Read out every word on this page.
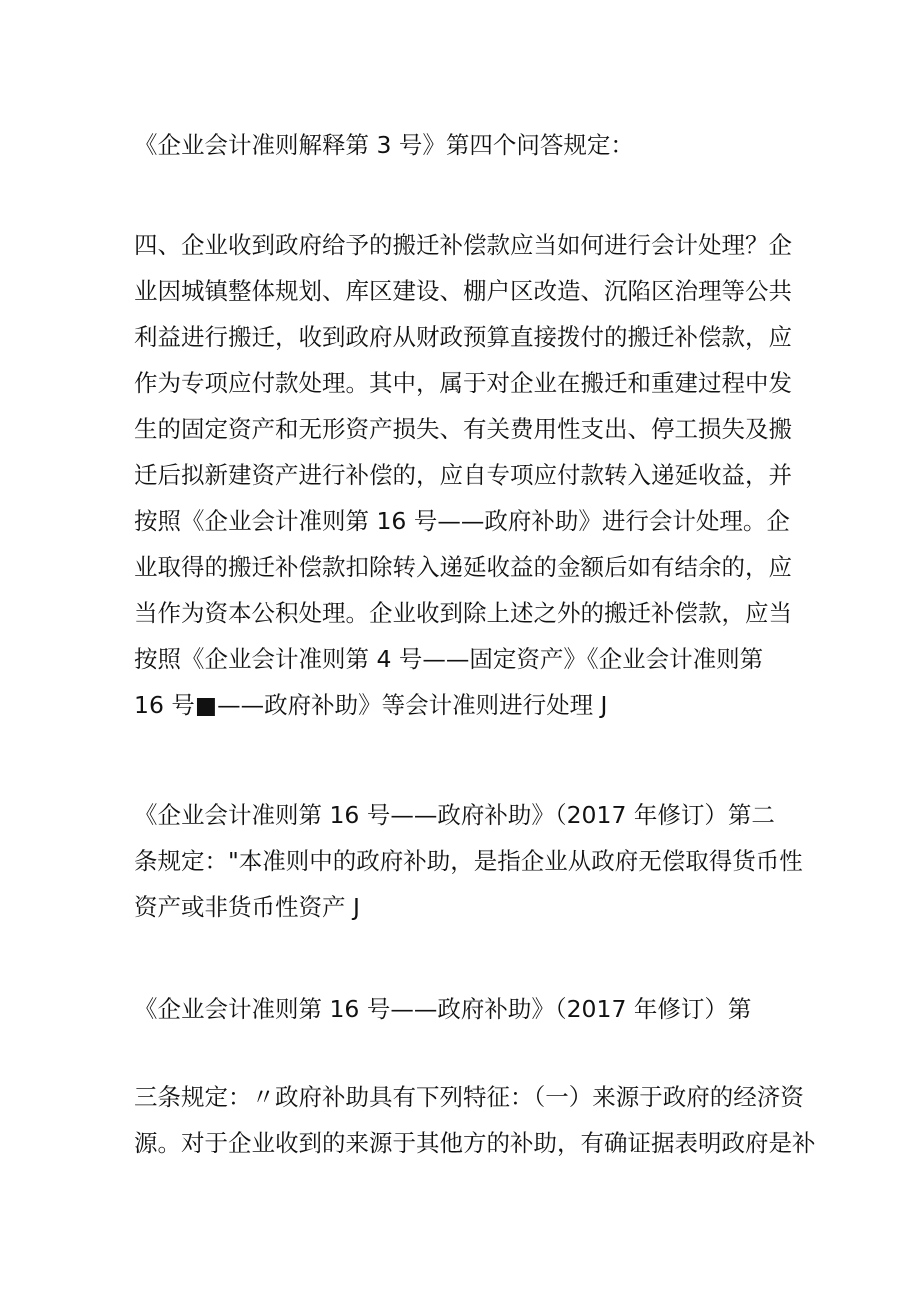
《企业会计准则解释第 3 号》第四个问答规定：

四、企业收到政府给予的搬迁补偿款应当如何进行会计处理？企
业因城镇整体规划、库区建设、棚户区改造、沉陷区治理等公共
利益进行搬迁，收到政府从财政预算直接拨付的搬迁补偿款，应
作为专项应付款处理。其中，属于对企业在搬迁和重建过程中发
生的固定资产和无形资产损失、有关费用性支出、停工损失及搬
迁后拟新建资产进行补偿的，应自专项应付款转入递延收益，并
按照《企业会计准则第 16 号——政府补助》进行会计处理。企
业取得的搬迁补偿款扣除转入递延收益的金额后如有结余的，应
当作为资本公积处理。企业收到除上述之外的搬迁补偿款，应当
按照《企业会计准则第 4 号——固定资产》《企业会计准则第
16 号■——政府补助》等会计准则进行处理 J

《企业会计准则第 16 号——政府补助》（2017 年修订）第二
条规定："本准则中的政府补助，是指企业从政府无偿取得货币性
资产或非货币性资产 J

《企业会计准则第 16 号——政府补助》（2017 年修订）第

三条规定：〃政府补助具有下列特征：（一）来源于政府的经济资
源。对于企业收到的来源于其他方的补助，有确证据表明政府是补
